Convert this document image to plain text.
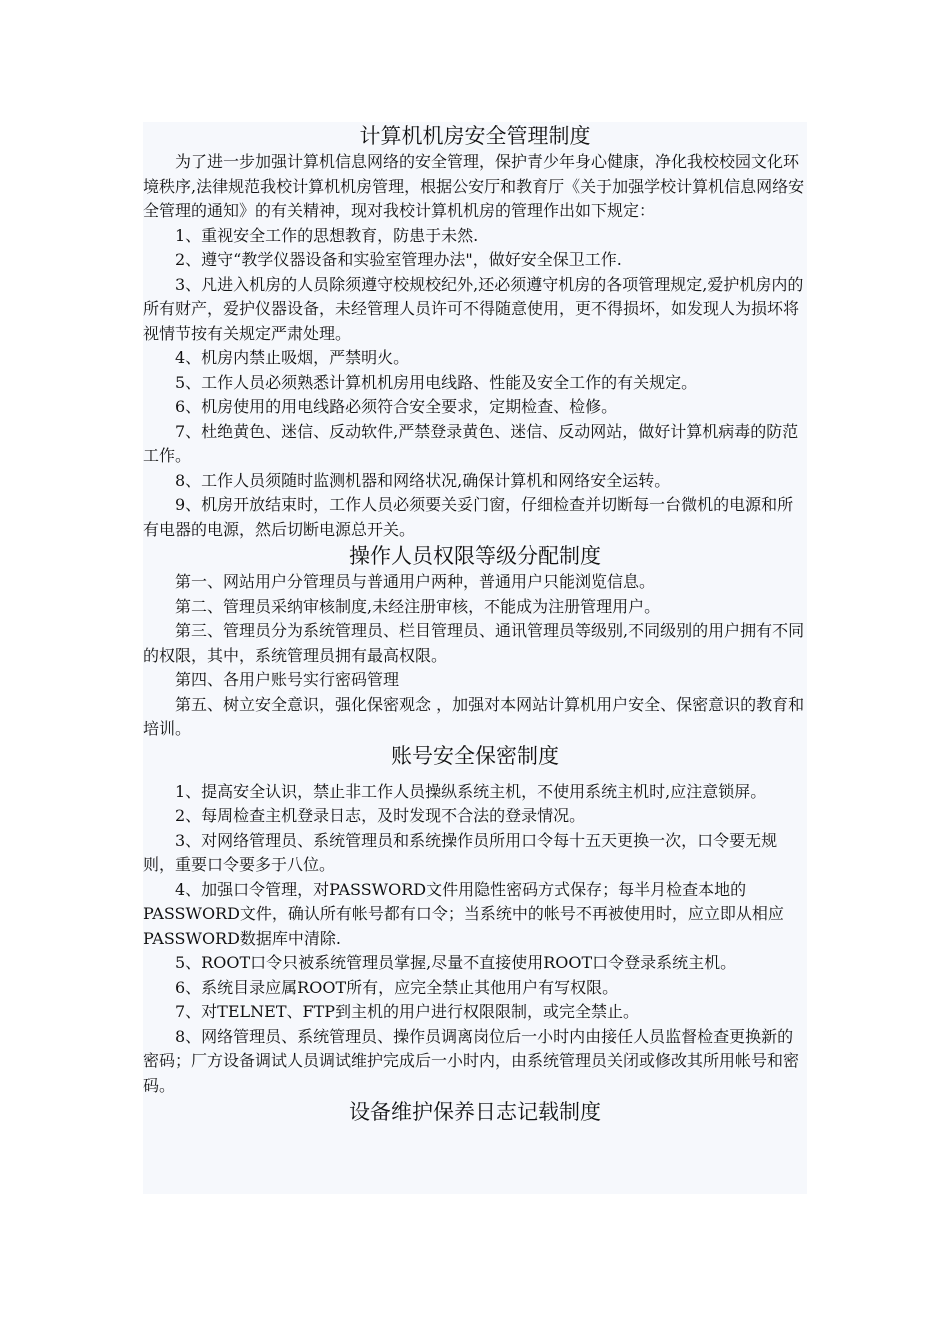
计算机机房安全管理制度

为了进一步加强计算机信息网络的安全管理，保护青少年身心健康，净化我校校园文化环境秩序,法律规范我校计算机机房管理，根据公安厅和教育厅《关于加强学校计算机信息网络安全管理的通知》的有关精神，现对我校计算机机房的管理作出如下规定：

1、重视安全工作的思想教育，防患于未然.

2、遵守“教学仪器设备和实验室管理办法"，做好安全保卫工作.

3、凡进入机房的人员除须遵守校规校纪外,还必须遵守机房的各项管理规定,爱护机房内的所有财产，爱护仪器设备，未经管理人员许可不得随意使用，更不得损坏，如发现人为损坏将视情节按有关规定严肃处理。

4、机房内禁止吸烟，严禁明火。

5、工作人员必须熟悉计算机机房用电线路、性能及安全工作的有关规定。

6、机房使用的用电线路必须符合安全要求，定期检查、检修。

7、杜绝黄色、迷信、反动软件,严禁登录黄色、迷信、反动网站，做好计算机病毒的防范工作。

8、工作人员须随时监测机器和网络状况,确保计算机和网络安全运转。

9、机房开放结束时，工作人员必须要关妥门窗，仔细检查并切断每一台微机的电源和所有电器的电源，然后切断电源总开关。

操作人员权限等级分配制度

第一、网站用户分管理员与普通用户两种，普通用户只能浏览信息。

第二、管理员采纳审核制度,未经注册审核，不能成为注册管理用户。

第三、管理员分为系统管理员、栏目管理员、通讯管理员等级别,不同级别的用户拥有不同的权限，其中，系统管理员拥有最高权限。

第四、各用户账号实行密码管理

第五、树立安全意识，强化保密观念 ，加强对本网站计算机用户安全、保密意识的教育和培训。

账号安全保密制度

1、提高安全认识，禁止非工作人员操纵系统主机，不使用系统主机时,应注意锁屏。

2、每周检查主机登录日志，及时发现不合法的登录情况。

3、对网络管理员、系统管理员和系统操作员所用口令每十五天更换一次，口令要无规则，重要口令要多于八位。

4、加强口令管理，对PASSWORD文件用隐性密码方式保存；每半月检查本地的PASSWORD文件，确认所有帐号都有口令；当系统中的帐号不再被使用时，应立即从相应PASSWORD数据库中清除.

5、ROOT口令只被系统管理员掌握,尽量不直接使用ROOT口令登录系统主机。

6、系统目录应属ROOT所有，应完全禁止其他用户有写权限。

7、对TELNET、FTP到主机的用户进行权限限制，或完全禁止。

8、网络管理员、系统管理员、操作员调离岗位后一小时内由接任人员监督检查更换新的密码；厂方设备调试人员调试维护完成后一小时内，由系统管理员关闭或修改其所用帐号和密码。

设备维护保养日志记载制度
